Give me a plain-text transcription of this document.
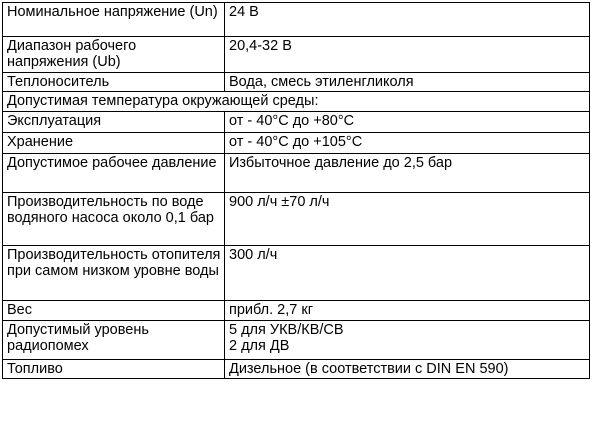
Номинальное напряжение (Un)	24 В
Диапазон рабочего напряжения (Ub)	20,4-32 В
Теплоноситель	Вода, смесь этиленгликоля
Допустимая температура окружающей среды:	
Эксплуатация	от - 40°С до +80°С
Хранение	от - 40°С до +105°С
Допустимое рабочее давление	Избыточное давление до 2,5 бар
Производительность по воде водяного насоса около 0,1 бар	900 л/ч ±70 л/ч
Производительность отопителя при самом низком уровне воды	300 л/ч
Вес	прибл. 2,7 кг
Допустимый уровень радиопомех	5 для УКВ/КВ/СВ
2 для ДВ

Топливо	Дизельное (в соответствии с DIN EN 590)
